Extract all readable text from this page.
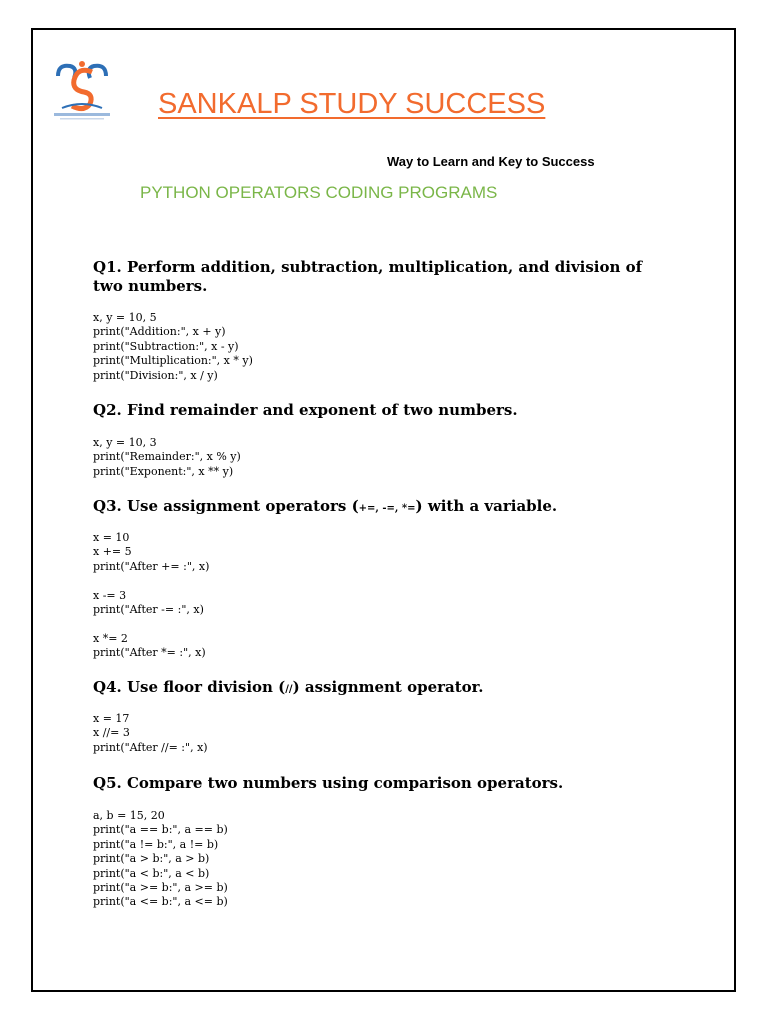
SANKALP STUDY SUCCESS
Way to Learn and Key to Success
PYTHON OPERATORS CODING PROGRAMS
Q1. Perform addition, subtraction, multiplication, and division of two numbers.
x, y = 10, 5
print("Addition:", x + y)
print("Subtraction:", x - y)
print("Multiplication:", x * y)
print("Division:", x / y)
Q2. Find remainder and exponent of two numbers.
x, y = 10, 3
print("Remainder:", x % y)
print("Exponent:", x ** y)
Q3. Use assignment operators (+=, -=, *=) with a variable.
x = 10
x += 5
print("After += :", x)

x -= 3
print("After -= :", x)

x *= 2
print("After *= :", x)
Q4. Use floor division (//) assignment operator.
x = 17
x //= 3
print("After //= :", x)
Q5. Compare two numbers using comparison operators.
a, b = 15, 20
print("a == b:", a == b)
print("a != b:", a != b)
print("a > b:", a > b)
print("a < b:", a < b)
print("a >= b:", a >= b)
print("a <= b:", a <= b)
